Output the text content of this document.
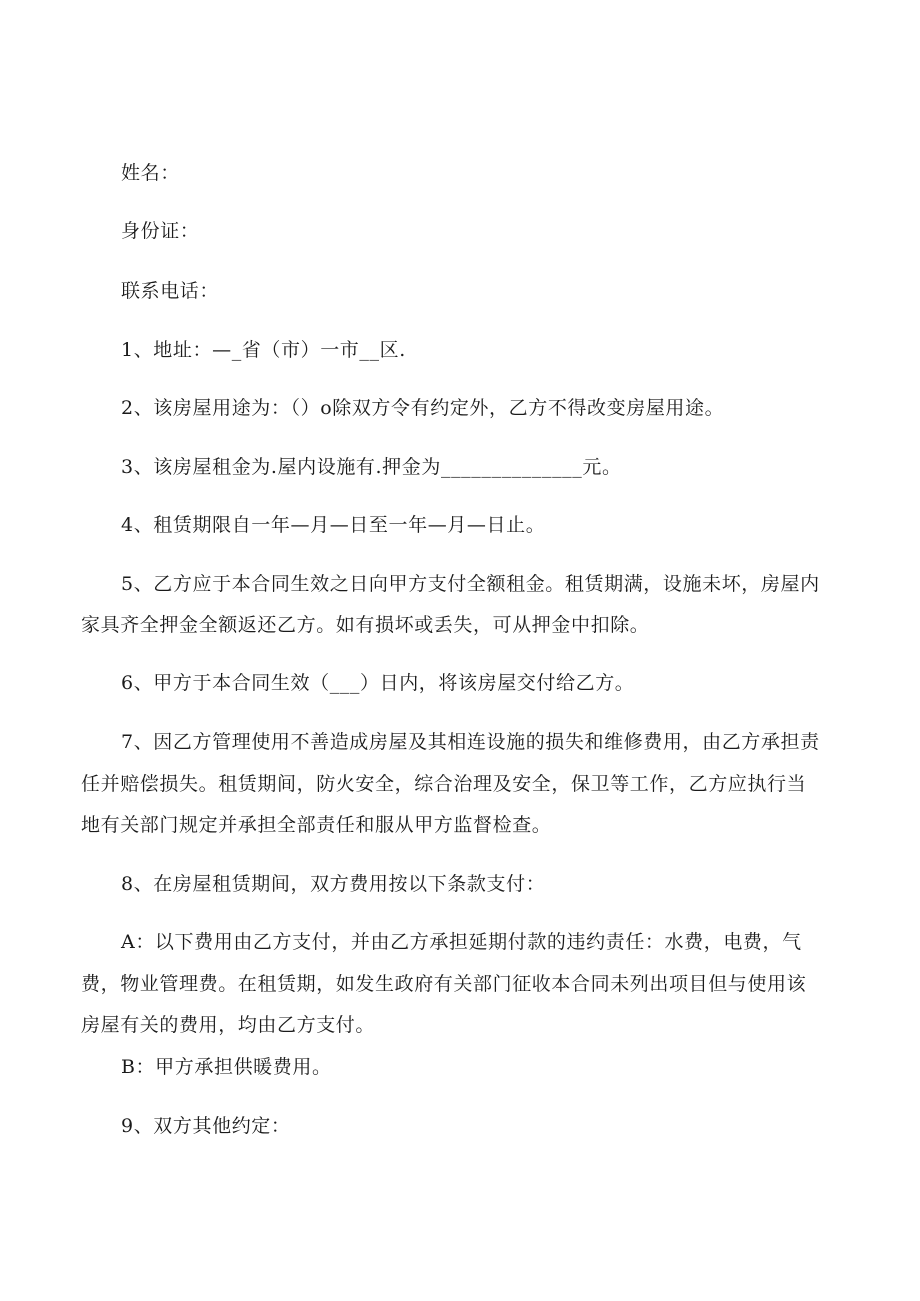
姓名：
身份证：
联系电话：
1、地址：—_省（市）一市__区.
2、该房屋用途为：（）o除双方令有约定外，乙方不得改变房屋用途。
3、该房屋租金为.屋内设施有.押金为______________元。
4、租赁期限自一年—月—日至一年—月—日止。
5、乙方应于本合同生效之日向甲方支付全额租金。租赁期满，设施未坏，房屋内
家具齐全押金全额返还乙方。如有损坏或丢失，可从押金中扣除。
6、甲方于本合同生效（___）日内，将该房屋交付给乙方。
7、因乙方管理使用不善造成房屋及其相连设施的损失和维修费用，由乙方承担责
任并赔偿损失。租赁期间，防火安全，综合治理及安全，保卫等工作，乙方应执行当
地有关部门规定并承担全部责任和服从甲方监督检查。
8、在房屋租赁期间，双方费用按以下条款支付：
A：以下费用由乙方支付，并由乙方承担延期付款的违约责任：水费，电费，气
费，物业管理费。在租赁期，如发生政府有关部门征收本合同未列出项目但与使用该
房屋有关的费用，均由乙方支付。
B：甲方承担供暖费用。
9、双方其他约定：
